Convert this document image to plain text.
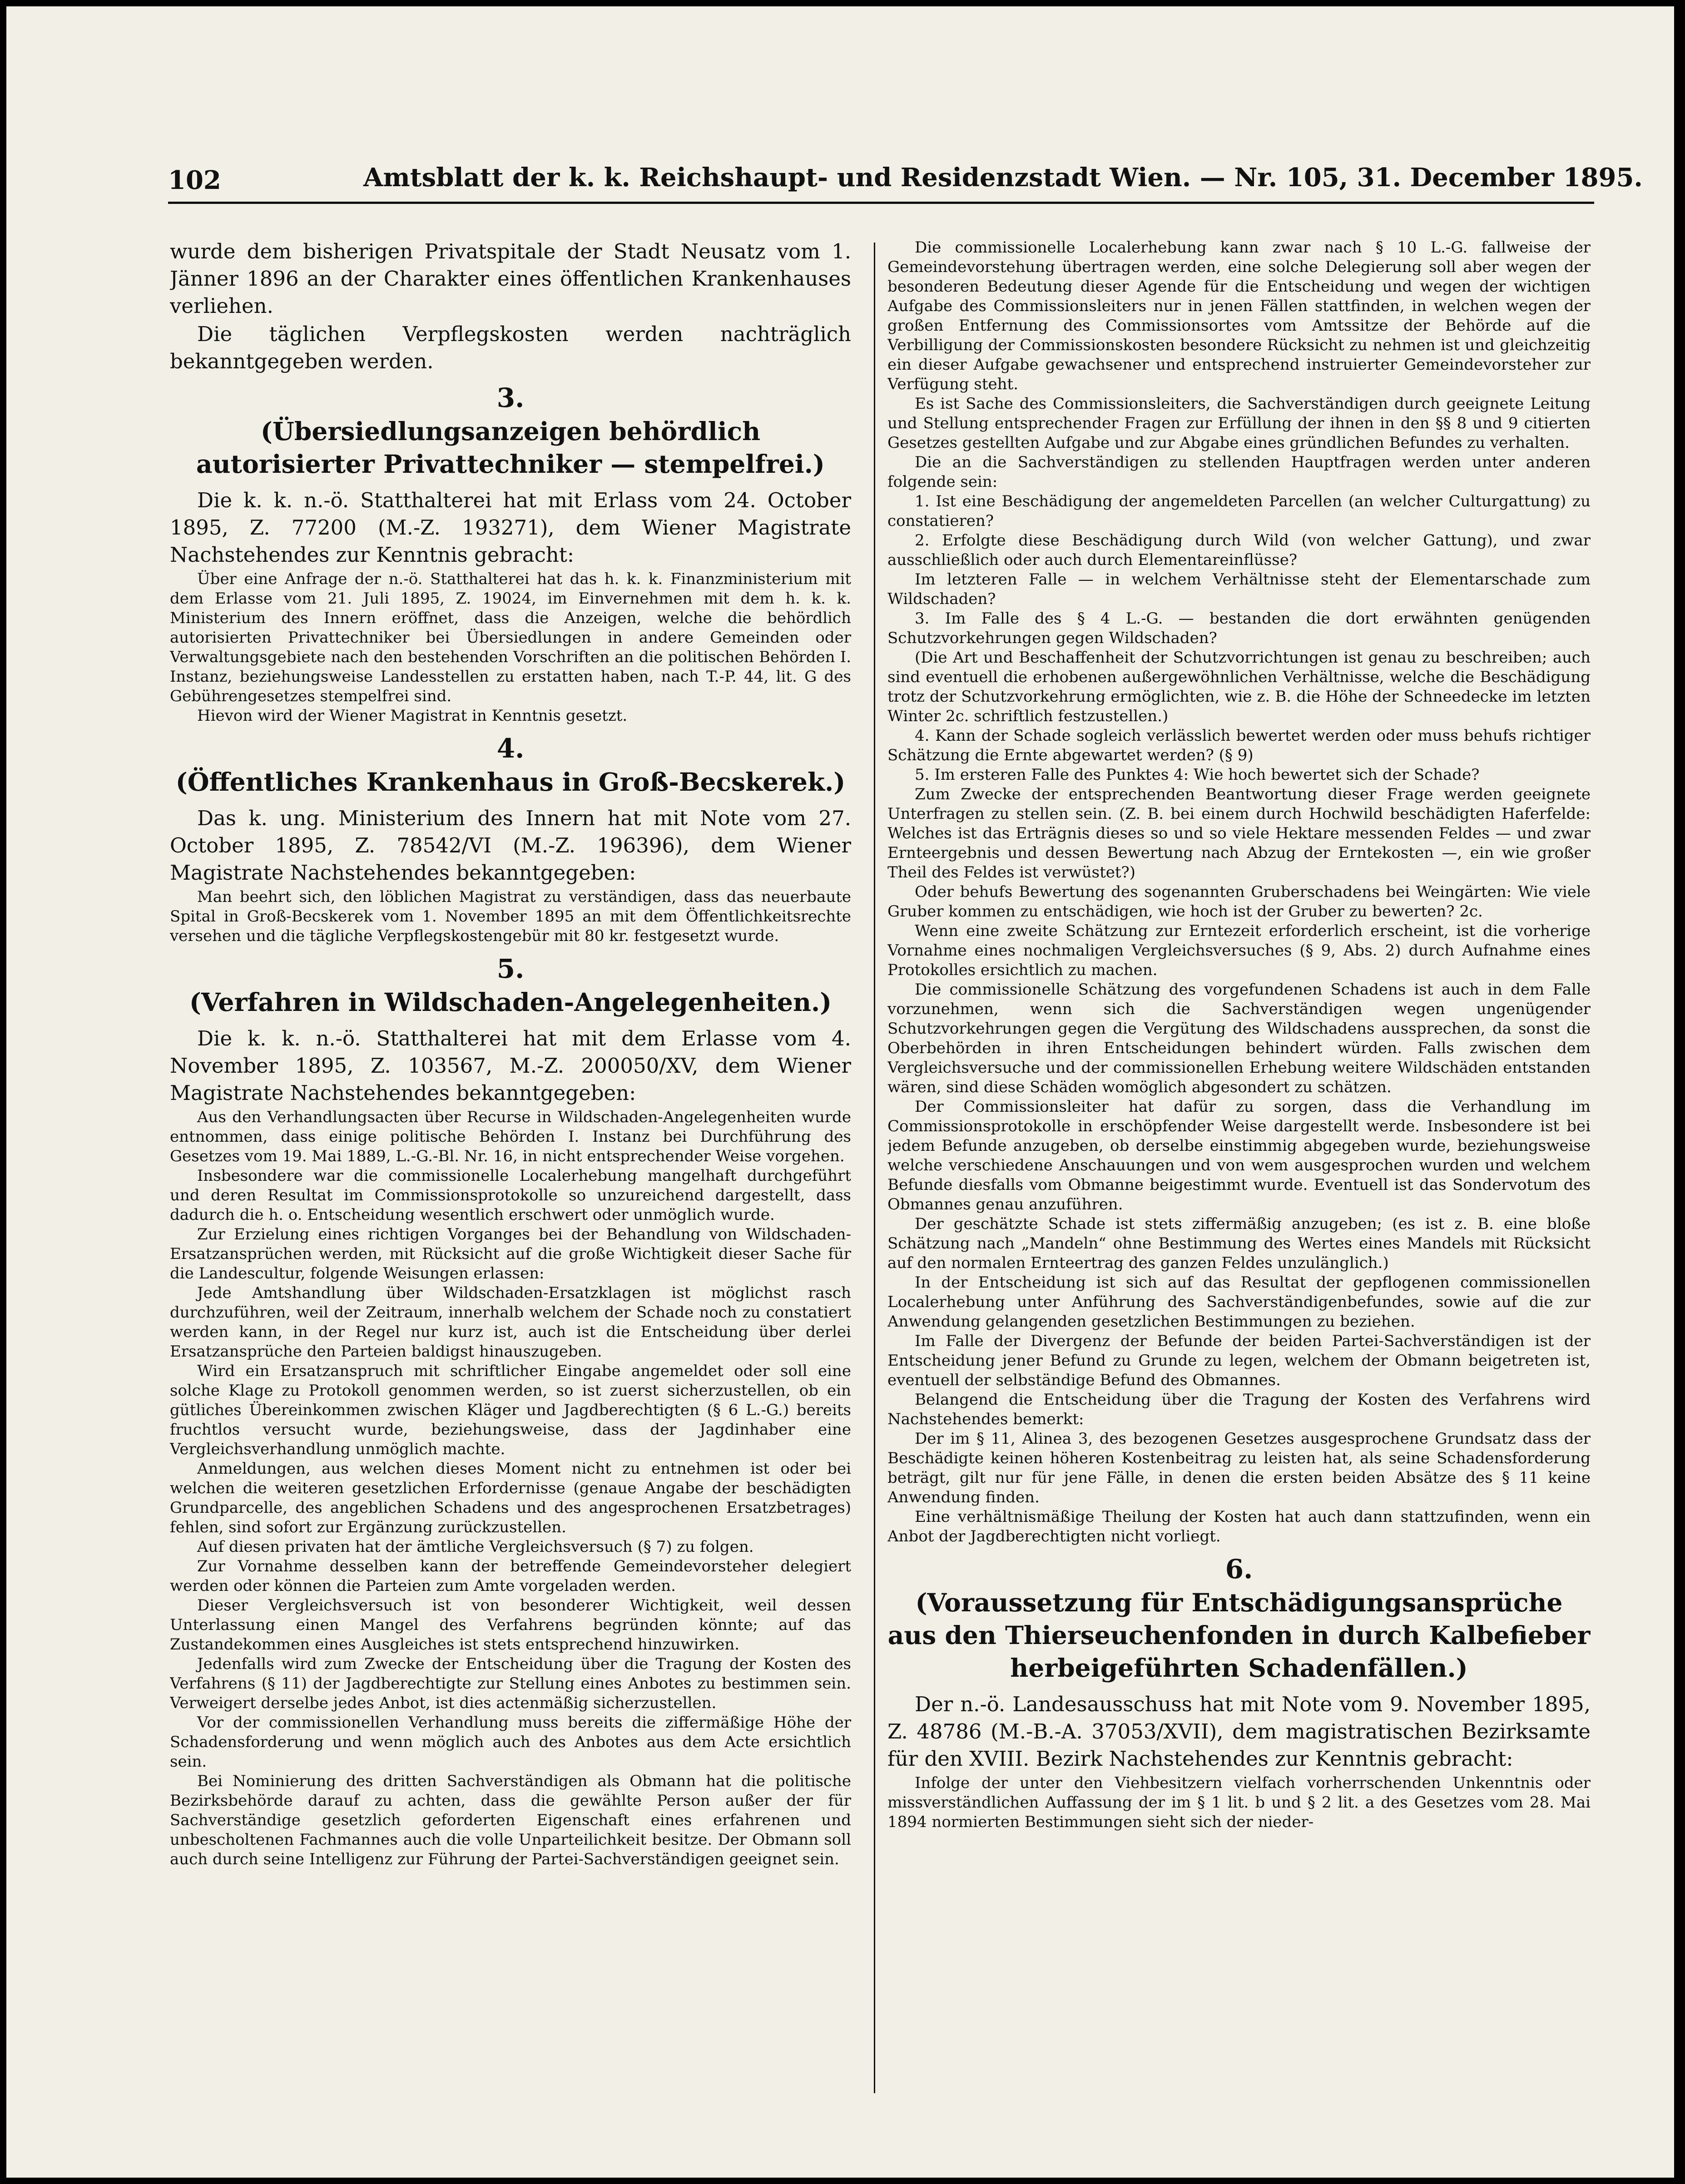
102	Amtsblatt der k. k. Reichshaupt- und Residenzstadt Wien. — Nr. 105, 31. December 1895.

wurde dem bisherigen Privatspitale der Stadt Neusatz vom 1. Jänner 1896 an der Charakter eines öffentlichen Krankenhauses verliehen.

Die täglichen Verpflegskosten werden nachträglich bekanntgegeben werden.

3.
(Übersiedlungsanzeigen behördlich autorisierter Privattechniker — stempelfrei.)

Die k. k. n.-ö. Statthalterei hat mit Erlass vom 24. October 1895, Z. 77200 (M.-Z. 193271), dem Wiener Magistrate Nachstehendes zur Kenntnis gebracht:

Über eine Anfrage der n.-ö. Statthalterei hat das h. k. k. Finanzministerium mit dem Erlasse vom 21. Juli 1895, Z. 19024, im Einvernehmen mit dem h. k. k. Ministerium des Innern eröffnet, dass die Anzeigen, welche die behördlich autorisierten Privattechniker bei Übersiedlungen in andere Gemeinden oder Verwaltungsgebiete nach den bestehenden Vorschriften an die politischen Behörden I. Instanz, beziehungsweise Landesstellen zu erstatten haben, nach T.-P. 44, lit. G des Gebührengesetzes stempelfrei sind.

Hievon wird der Wiener Magistrat in Kenntnis gesetzt.

4.
(Öffentliches Krankenhaus in Groß-Becskerek.)

Das k. ung. Ministerium des Innern hat mit Note vom 27. October 1895, Z. 78542/VI (M.-Z. 196396), dem Wiener Magistrate Nachstehendes bekanntgegeben:

Man beehrt sich, den löblichen Magistrat zu verständigen, dass das neuerbaute Spital in Groß-Becskerek vom 1. November 1895 an mit dem Öffentlichkeitsrechte versehen und die tägliche Verpflegskostengebür mit 80 kr. festgesetzt wurde.

5.
(Verfahren in Wildschaden-Angelegenheiten.)

Die k. k. n.-ö. Statthalterei hat mit dem Erlasse vom 4. November 1895, Z. 103567, M.-Z. 200050/XV, dem Wiener Magistrate Nachstehendes bekanntgegeben:

Aus den Verhandlungsacten über Recurse in Wildschaden-Angelegenheiten wurde entnommen, dass einige politische Behörden I. Instanz bei Durchführung des Gesetzes vom 19. Mai 1889, L.-G.-Bl. Nr. 16, in nicht entsprechender Weise vorgehen.

Insbesondere war die commissionelle Localerhebung mangelhaft durchgeführt und deren Resultat im Commissionsprotokolle so unzureichend dargestellt, dass dadurch die h. o. Entscheidung wesentlich erschwert oder unmöglich wurde.

Zur Erzielung eines richtigen Vorganges bei der Behandlung von Wildschaden-Ersatzansprüchen werden, mit Rücksicht auf die große Wichtigkeit dieser Sache für die Landescultur, folgende Weisungen erlassen:

Jede Amtshandlung über Wildschaden-Ersatzklagen ist möglichst rasch durchzuführen, weil der Zeitraum, innerhalb welchem der Schade noch zu constatiert werden kann, in der Regel nur kurz ist, auch ist die Entscheidung über derlei Ersatzansprüche den Parteien baldigst hinauszugeben.

Wird ein Ersatzanspruch mit schriftlicher Eingabe angemeldet oder soll eine solche Klage zu Protokoll genommen werden, so ist zuerst sicherzustellen, ob ein gütliches Übereinkommen zwischen Kläger und Jagdberechtigten (§ 6 L.-G.) bereits fruchtlos versucht wurde, beziehungsweise, dass der Jagdinhaber eine Vergleichsverhandlung unmöglich machte.

Anmeldungen, aus welchen dieses Moment nicht zu entnehmen ist oder bei welchen die weiteren gesetzlichen Erfordernisse (genaue Angabe der beschädigten Grundparcelle, des angeblichen Schadens und des angesprochenen Ersatzbetrages) fehlen, sind sofort zur Ergänzung zurückzustellen.

Auf diesen privaten hat der ämtliche Vergleichsversuch (§ 7) zu folgen.

Zur Vornahme desselben kann der betreffende Gemeindevorsteher delegiert werden oder können die Parteien zum Amte vorgeladen werden.

Dieser Vergleichsversuch ist von besonderer Wichtigkeit, weil dessen Unterlassung einen Mangel des Verfahrens begründen könnte; auf das Zustandekommen eines Ausgleiches ist stets entsprechend hinzuwirken.

Jedenfalls wird zum Zwecke der Entscheidung über die Tragung der Kosten des Verfahrens (§ 11) der Jagdberechtigte zur Stellung eines Anbotes zu bestimmen sein. Verweigert derselbe jedes Anbot, ist dies actenmäßig sicherzustellen.

Vor der commissionellen Verhandlung muss bereits die ziffermäßige Höhe der Schadensforderung und wenn möglich auch des Anbotes aus dem Acte ersichtlich sein.

Bei Nominierung des dritten Sachverständigen als Obmann hat die politische Bezirksbehörde darauf zu achten, dass die gewählte Person außer der für Sachverständige gesetzlich geforderten Eigenschaft eines erfahrenen und unbescholtenen Fachmannes auch die volle Unparteilichkeit besitze. Der Obmann soll auch durch seine Intelligenz zur Führung der Partei-Sachverständigen geeignet sein.

Die commissionelle Localerhebung kann zwar nach § 10 L.-G. fallweise der Gemeindevorstehung übertragen werden, eine solche Delegierung soll aber wegen der besonderen Bedeutung dieser Agende für die Entscheidung und wegen der wichtigen Aufgabe des Commissionsleiters nur in jenen Fällen stattfinden, in welchen wegen der großen Entfernung des Commissionsortes vom Amtssitze der Behörde auf die Verbilligung der Commissionskosten besondere Rücksicht zu nehmen ist und gleichzeitig ein dieser Aufgabe gewachsener und entsprechend instruierter Gemeindevorsteher zur Verfügung steht.

Es ist Sache des Commissionsleiters, die Sachverständigen durch geeignete Leitung und Stellung entsprechender Fragen zur Erfüllung der ihnen in den §§ 8 und 9 citierten Gesetzes gestellten Aufgabe und zur Abgabe eines gründlichen Befundes zu verhalten.

Die an die Sachverständigen zu stellenden Hauptfragen werden unter anderen folgende sein:

1. Ist eine Beschädigung der angemeldeten Parcellen (an welcher Culturgattung) zu constatieren?

2. Erfolgte diese Beschädigung durch Wild (von welcher Gattung), und zwar ausschließlich oder auch durch Elementareinflüsse?

Im letzteren Falle — in welchem Verhältnisse steht der Elementarschade zum Wildschaden?

3. Im Falle des § 4 L.-G. — bestanden die dort erwähnten genügenden Schutzvorkehrungen gegen Wildschaden?

(Die Art und Beschaffenheit der Schutzvorrichtungen ist genau zu beschreiben; auch sind eventuell die erhobenen außergewöhnlichen Verhältnisse, welche die Beschädigung trotz der Schutzvorkehrung ermöglichten, wie z. B. die Höhe der Schneedecke im letzten Winter 2c. schriftlich festzustellen.)

4. Kann der Schade sogleich verlässlich bewertet werden oder muss behufs richtiger Schätzung die Ernte abgewartet werden? (§ 9)

5. Im ersteren Falle des Punktes 4: Wie hoch bewertet sich der Schade?

Zum Zwecke der entsprechenden Beantwortung dieser Frage werden geeignete Unterfragen zu stellen sein. (Z. B. bei einem durch Hochwild beschädigten Haferfelde: Welches ist das Erträgnis dieses so und so viele Hektare messenden Feldes — und zwar Ernteergebnis und dessen Bewertung nach Abzug der Erntekosten —, ein wie großer Theil des Feldes ist verwüstet?)

Oder behufs Bewertung des sogenannten Gruberschadens bei Weingärten: Wie viele Gruber kommen zu entschädigen, wie hoch ist der Gruber zu bewerten? 2c.

Wenn eine zweite Schätzung zur Erntezeit erforderlich erscheint, ist die vorherige Vornahme eines nochmaligen Vergleichsversuches (§ 9, Abs. 2) durch Aufnahme eines Protokolles ersichtlich zu machen.

Die commissionelle Schätzung des vorgefundenen Schadens ist auch in dem Falle vorzunehmen, wenn sich die Sachverständigen wegen ungenügender Schutzvorkehrungen gegen die Vergütung des Wildschadens aussprechen, da sonst die Oberbehörden in ihren Entscheidungen behindert würden. Falls zwischen dem Vergleichsversuche und der commissionellen Erhebung weitere Wildschäden entstanden wären, sind diese Schäden womöglich abgesondert zu schätzen.

Der Commissionsleiter hat dafür zu sorgen, dass die Verhandlung im Commissionsprotokolle in erschöpfender Weise dargestellt werde. Insbesondere ist bei jedem Befunde anzugeben, ob derselbe einstimmig abgegeben wurde, beziehungsweise welche verschiedene Anschauungen und von wem ausgesprochen wurden und welchem Befunde diesfalls vom Obmanne beigestimmt wurde. Eventuell ist das Sondervotum des Obmannes genau anzuführen.

Der geschätzte Schade ist stets ziffermäßig anzugeben; (es ist z. B. eine bloße Schätzung nach „Mandeln“ ohne Bestimmung des Wertes eines Mandels mit Rücksicht auf den normalen Ernteertrag des ganzen Feldes unzulänglich.)

In der Entscheidung ist sich auf das Resultat der gepflogenen commissionellen Localerhebung unter Anführung des Sachverständigenbefundes, sowie auf die zur Anwendung gelangenden gesetzlichen Bestimmungen zu beziehen.

Im Falle der Divergenz der Befunde der beiden Partei-Sachverständigen ist der Entscheidung jener Befund zu Grunde zu legen, welchem der Obmann beigetreten ist, eventuell der selbständige Befund des Obmannes.

Belangend die Entscheidung über die Tragung der Kosten des Verfahrens wird Nachstehendes bemerkt:

Der im § 11, Alinea 3, des bezogenen Gesetzes ausgesprochene Grundsatz dass der Beschädigte keinen höheren Kostenbeitrag zu leisten hat, als seine Schadensforderung beträgt, gilt nur für jene Fälle, in denen die ersten beiden Absätze des § 11 keine Anwendung finden.

Eine verhältnismäßige Theilung der Kosten hat auch dann stattzufinden, wenn ein Anbot der Jagdberechtigten nicht vorliegt.

6.
(Voraussetzung für Entschädigungsansprüche aus den Thierseuchenfonden in durch Kalbefieber herbeigeführten Schadenfällen.)

Der n.-ö. Landesausschuss hat mit Note vom 9. November 1895, Z. 48786 (M.-B.-A. 37053/XVII), dem magistratischen Bezirksamte für den XVIII. Bezirk Nachstehendes zur Kenntnis gebracht:

Infolge der unter den Viehbesitzern vielfach vorherrschenden Unkenntnis oder missverständlichen Auffassung der im § 1 lit. b und § 2 lit. a des Gesetzes vom 28. Mai 1894 normierten Bestimmungen sieht sich der nieder-
